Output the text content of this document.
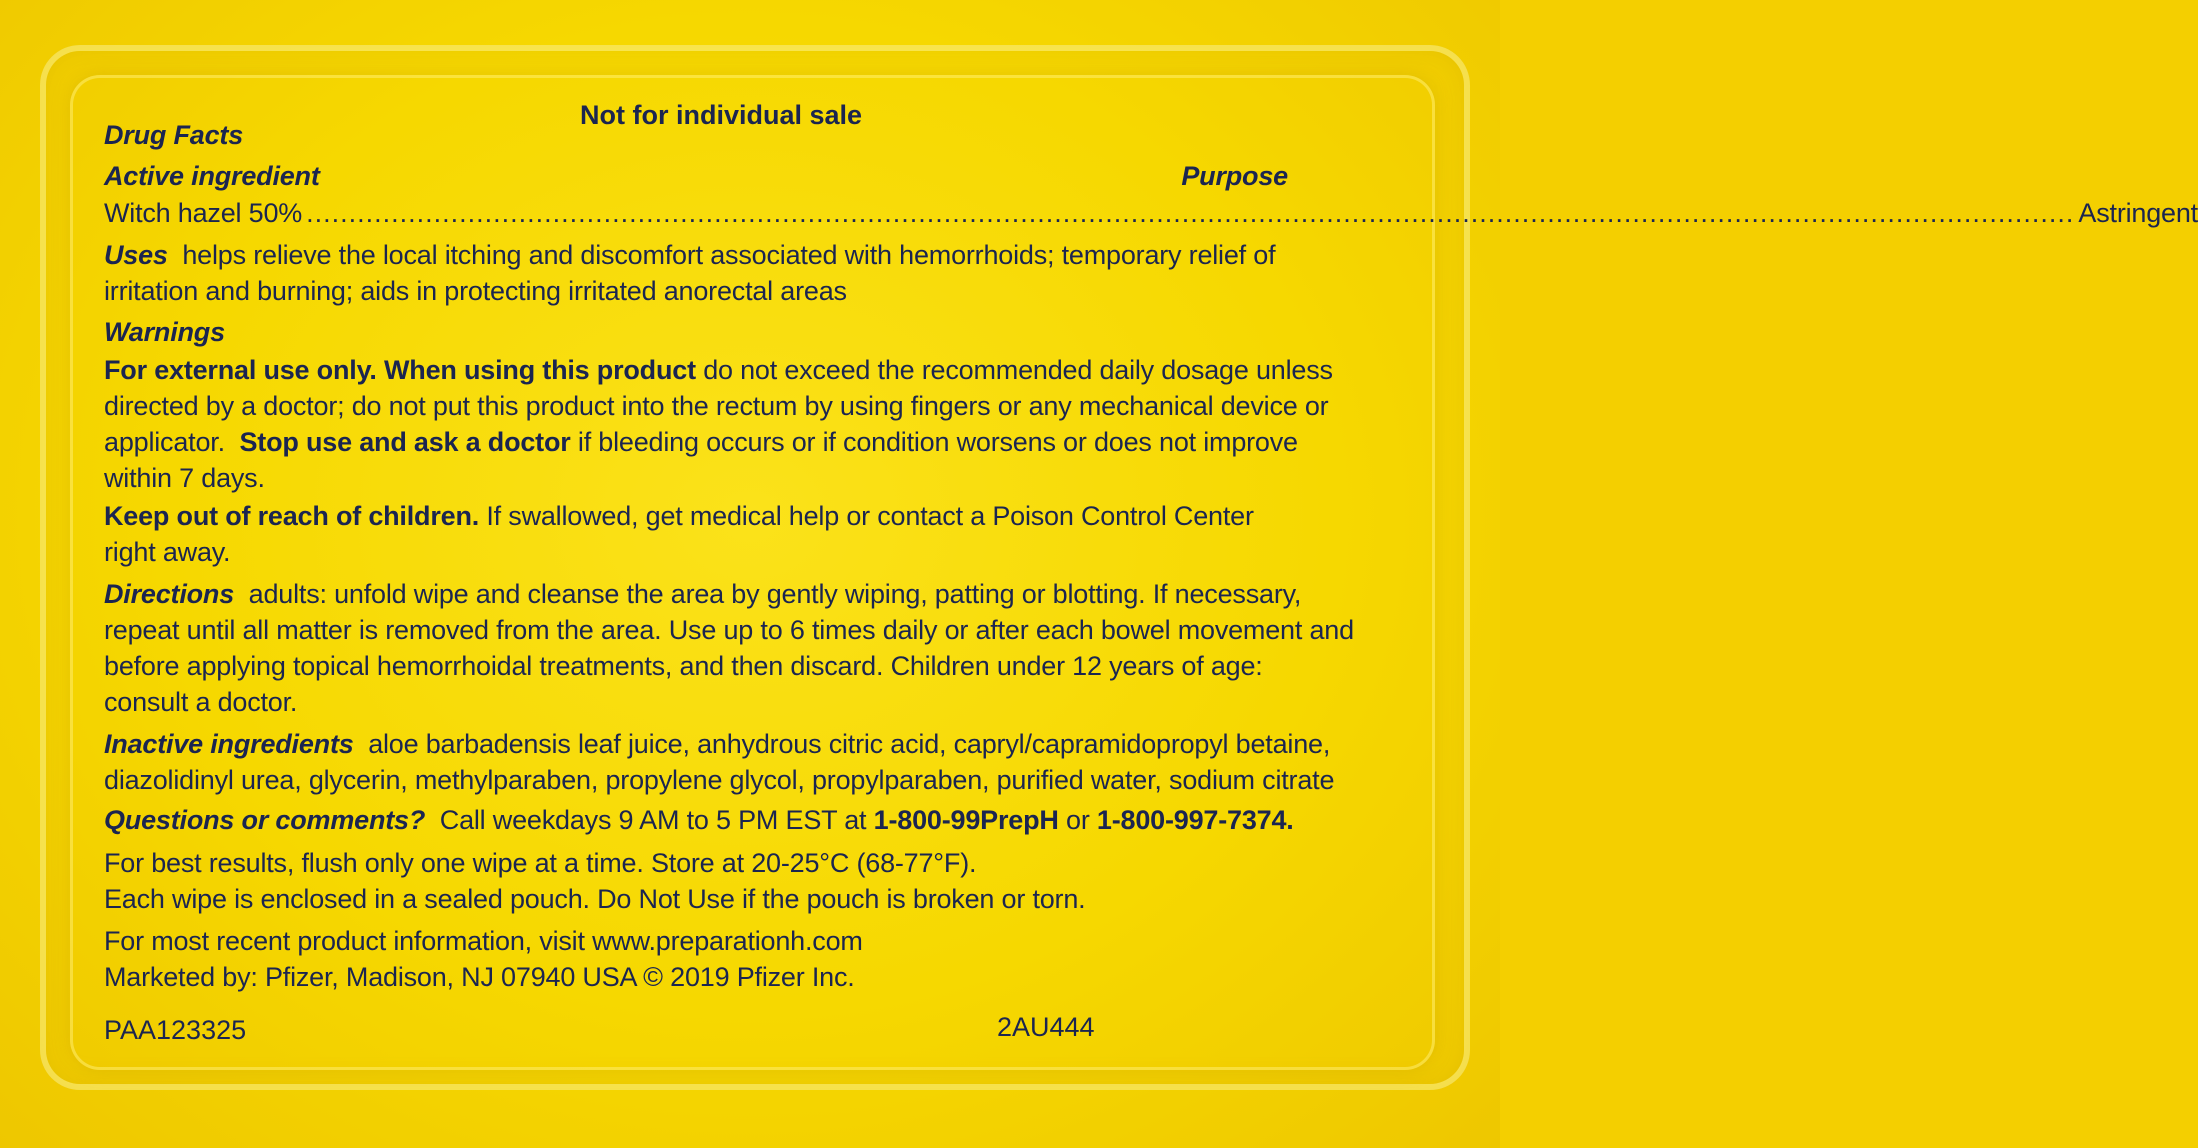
Not for individual sale
Drug Facts
Active ingredient	Purpose
Witch hazel 50% ................................................................................................................................................................................................................ Astringent
Uses helps relieve the local itching and discomfort associated with hemorrhoids; temporary relief of
irritation and burning; aids in protecting irritated anorectal areas
Warnings
For external use only. When using this product do not exceed the recommended daily dosage unless
directed by a doctor; do not put this product into the rectum by using fingers or any mechanical device or
applicator. Stop use and ask a doctor if bleeding occurs or if condition worsens or does not improve
within 7 days.
Keep out of reach of children. If swallowed, get medical help or contact a Poison Control Center
right away.
Directions adults: unfold wipe and cleanse the area by gently wiping, patting or blotting. If necessary,
repeat until all matter is removed from the area. Use up to 6 times daily or after each bowel movement and
before applying topical hemorrhoidal treatments, and then discard. Children under 12 years of age:
consult a doctor.
Inactive ingredients aloe barbadensis leaf juice, anhydrous citric acid, capryl/capramidopropyl betaine,
diazolidinyl urea, glycerin, methylparaben, propylene glycol, propylparaben, purified water, sodium citrate
Questions or comments? Call weekdays 9 AM to 5 PM EST at 1-800-99PrepH or 1-800-997-7374.
For best results, flush only one wipe at a time. Store at 20-25°C (68-77°F).
Each wipe is enclosed in a sealed pouch. Do Not Use if the pouch is broken or torn.
For most recent product information, visit www.preparationh.com
Marketed by: Pfizer, Madison, NJ 07940 USA © 2019 Pfizer Inc.
PAA123325	2AU444
